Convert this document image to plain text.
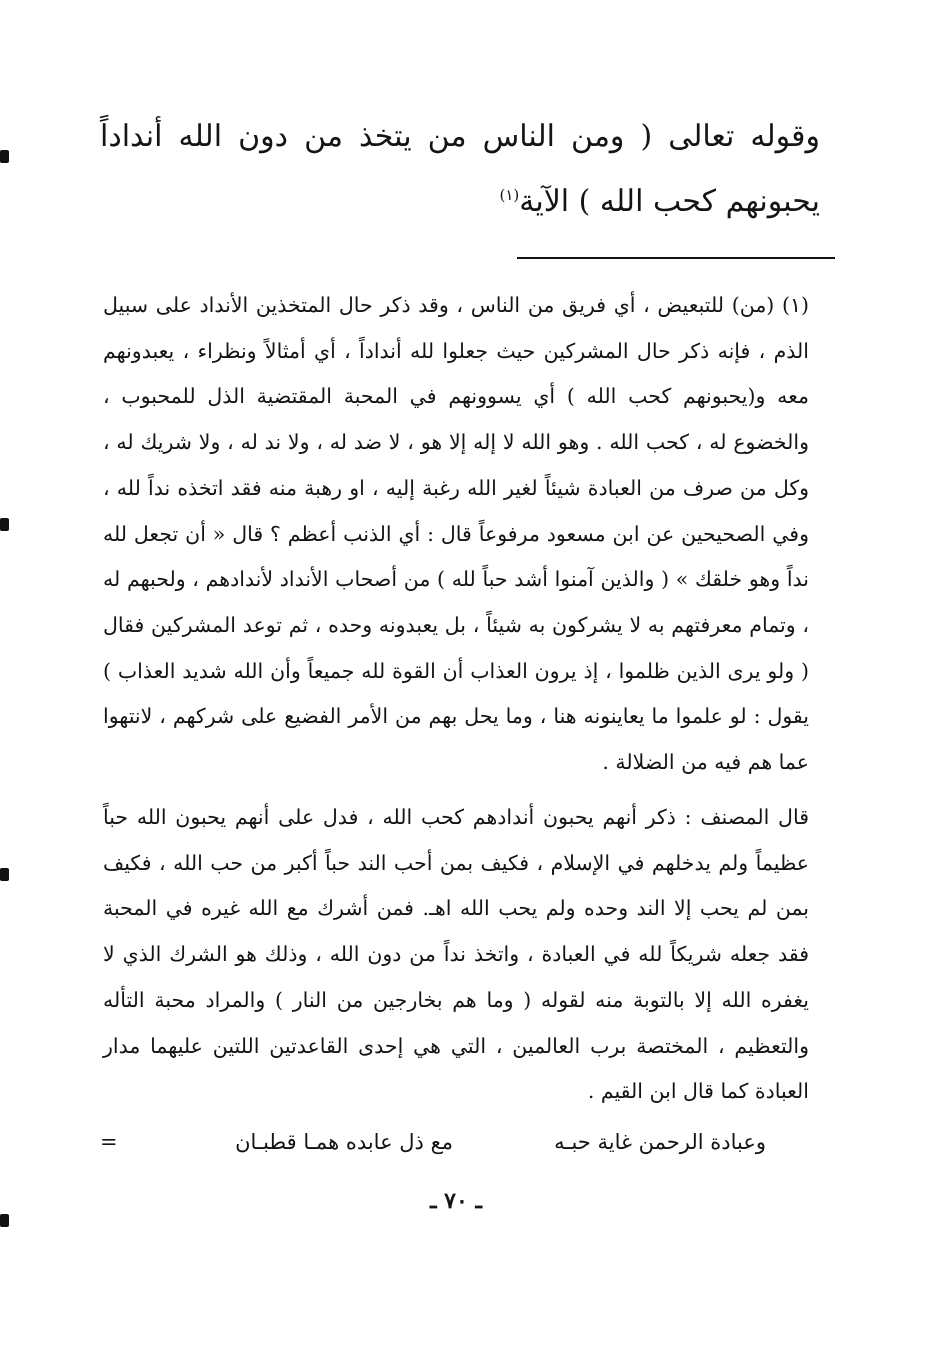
وقوله تعالى ( ومن الناس من يتخذ من دون الله أنداداً يحبونهم كحب الله ) الآية$^{(١)}$

(١) (من) للتبعيض ، أي فريق من الناس ، وقد ذكر حال المتخذين الأنداد على سبيل الذم ، فإنه ذكر حال المشركين حيث جعلوا لله أنداداً ، أي أمثالاً ونظراء ، يعبدونهم معه و(يحبونهم كحب الله ) أي يسوونهم في المحبة المقتضية الذل للمحبوب ، والخضوع له ، كحب الله . وهو الله لا إله إلا هو ، لا ضد له ، ولا ند له ، ولا شريك له ، وكل من صرف من العبادة شيئاً لغير الله رغبة إليه ، او رهبة منه فقد اتخذه نداً لله ، وفي الصحيحين عن ابن مسعود مرفوعاً قال : أي الذنب أعظم ؟ قال « أن تجعل لله نداً وهو خلقك » ( والذين آمنوا أشد حباً لله ) من أصحاب الأنداد لأندادهم ، ولحبهم له ، وتمام معرفتهم به لا يشركون به شيئاً ، بل يعبدونه وحده ، ثم توعد المشركين فقال ( ولو يرى الذين ظلموا ، إذ يرون العذاب أن القوة لله جميعاً وأن الله شديد العذاب ) يقول : لو علموا ما يعاينونه هنا ، وما يحل بهم من الأمر الفضيع على شركهم ، لانتهوا عما هم فيه من الضلالة .

قال المصنف : ذكر أنهم يحبون أندادهم كحب الله ، فدل على أنهم يحبون الله حباً عظيماً ولم يدخلهم في الإسلام ، فكيف بمن أحب الند حباً أكبر من حب الله ، فكيف بمن لم يحب إلا الند وحده ولم يحب الله اهـ. فمن أشرك مع الله غيره في المحبة فقد جعله شريكاً لله في العبادة ، واتخذ نداً من دون الله ، وذلك هو الشرك الذي لا يغفره الله إلا بالتوبة منه لقوله ( وما هم بخارجين من النار ) والمراد محبة التأله والتعظيم ، المختصة برب العالمين ، التي هي إحدى القاعدتين اللتين عليهما مدار العبادة كما قال ابن القيم .

وعبادة الرحمن غاية حبـه
مع ذل عابده همـا قطبـان
=
ـ ٧٠ ـ
